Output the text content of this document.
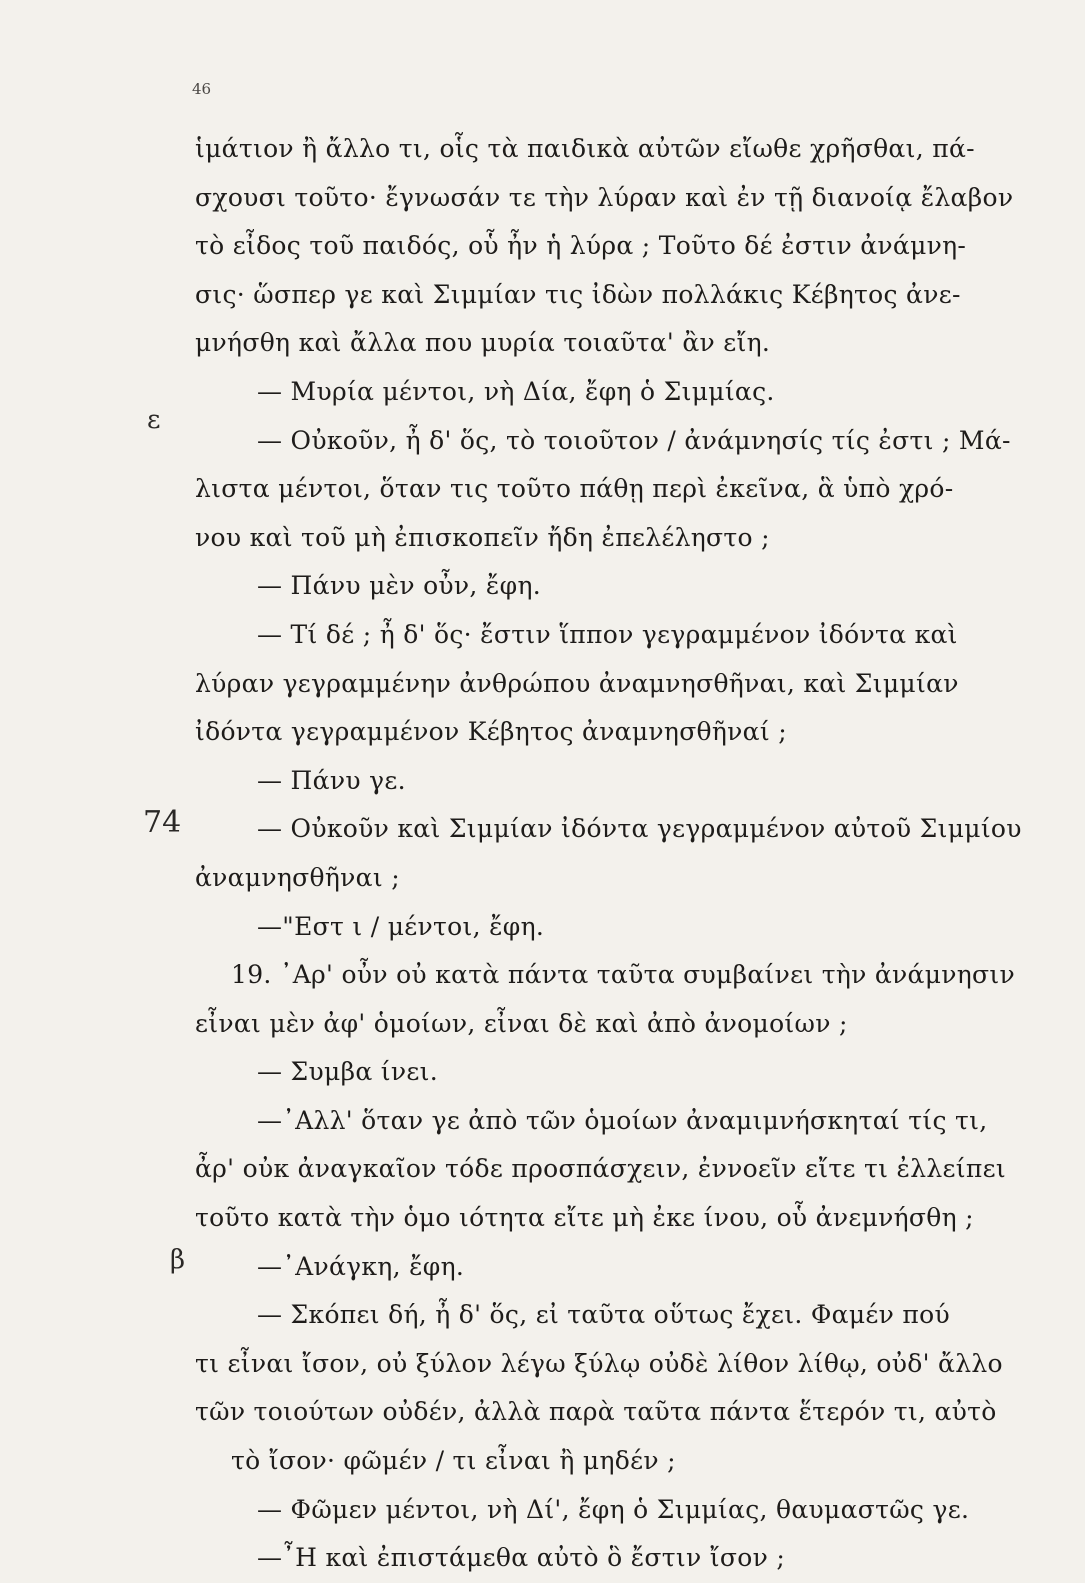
46
ε
74
β
ἱμάτιον ἢ ἄλλο τι, οἷς τὰ παιδικὰ αὐτῶν εἴωθε χρῆσθαι, πά-
σχουσι τοῦτο· ἔγνωσάν τε τὴν λύραν καὶ ἐν τῇ διανοίᾳ ἔλαβον
τὸ εἶδος τοῦ παιδός, οὗ ἦν ἡ λύρα ; Τοῦτο δέ ἐστιν ἀνάμνη-
σις· ὥσπερ γε καὶ Σιμμίαν τις ἰδὼν πολλάκις Κέβητος ἀνε-
μνήσθη καὶ ἄλλα που μυρία τοιαῦτα' ἂν εἴη.
— Μυρία μέντοι, νὴ Δία, ἔφη ὁ Σιμμίας.
— Οὐκοῦν, ἦ δ' ὅς, τὸ τοιοῦτον / ἀνάμνησίς τίς ἐστι ; Μά-
λιστα μέντοι, ὅταν τις τοῦτο πάθῃ περὶ ἐκεῖνα, ἃ ὑπὸ χρό-
νου καὶ τοῦ μὴ ἐπισκοπεῖν ἤδη ἐπελέληστο ;
— Πάνυ μὲν οὖν, ἔφη.
— Τί δέ ; ἦ δ' ὅς· ἔστιν ἵππον γεγραμμένον ἰδόντα καὶ
λύραν γεγραμμένην ἀνθρώπου ἀναμνησθῆναι, καὶ Σιμμίαν
ἰδόντα γεγραμμένον Κέβητος ἀναμνησθῆναί ;
— Πάνυ γε.
— Οὐκοῦν καὶ Σιμμίαν ἰδόντα γεγραμμένον αὐτοῦ Σιμμίου
ἀναμνησθῆναι ;
—"Εστ ι / μέντοι, ἔφη.
19. ᾽Αρ' οὖν οὐ κατὰ πάντα ταῦτα συμβαίνει τὴν ἀνάμνησιν
εἶναι μὲν ἀφ' ὁμοίων, εἶναι δὲ καὶ ἀπὸ ἀνομοίων ;
— Συμβα ίνει.
—᾽Αλλ' ὅταν γε ἀπὸ τῶν ὁμοίων ἀναμιμνήσκηταί τίς τι,
ἆρ' οὐκ ἀναγκαῖον τόδε προσπάσχειν, ἐννοεῖν εἴτε τι ἐλλείπει
τοῦτο κατὰ τὴν ὁμο ιότητα εἴτε μὴ ἐκε ίνου, οὗ ἀνεμνήσθη ;
—᾽Ανάγκη, ἔφη.
— Σκόπει δή, ἦ δ' ὅς, εἰ ταῦτα οὕτως ἔχει. Φαμέν πού
τι εἶναι ἴσον, οὐ ξύλον λέγω ξύλῳ οὐδὲ λίθον λίθῳ, οὐδ' ἄλλο
τῶν τοιούτων οὐδέν, ἀλλὰ παρὰ ταῦτα πάντα ἕτερόν τι, αὐτὸ
τὸ ἴσον· φῶμέν / τι εἶναι ἢ μηδέν ;
— Φῶμεν μέντοι, νὴ Δί', ἔφη ὁ Σιμμίας, θαυμαστῶς γε.
—῏Η καὶ ἐπιστάμεθα αὐτὸ ὃ ἔστιν ἴσον ;
